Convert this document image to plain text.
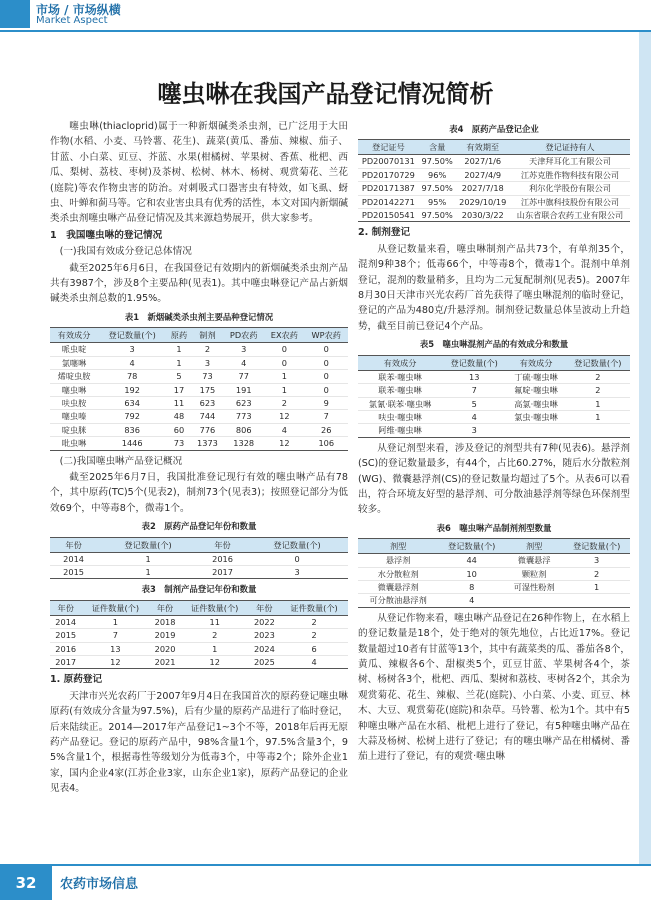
市场 / 市场纵横
Market Aspect
噻虫啉在我国产品登记情况简析

噻虫啉(thiacloprid)属于一种新烟碱类杀虫剂，已广泛用于大田作物(水稻、小麦、马铃薯、花生)、蔬菜(黄瓜、番茄、辣椒、茄子、甘蓝、小白菜、豇豆、芥蓝、水果(柑橘树、苹果树、香蕉、枇杷、西瓜、梨树、荔枝、枣树)及茶树、松树、林木、杨树、观赏菊花、兰花(庭院)等农作物虫害的防治。对刺吸式口器害虫有特效，如飞虱、蚜虫、叶蝉和蓟马等。它和农业害虫具有优秀的活性，本文对国内新烟碱类杀虫剂噻虫啉产品登记情况及其来源趋势展开，供大家参考。

1　我国噻虫啉的登记情况

(一)我国有效成分登记总体情况

截至2025年6月6日，在我国登记有效期内的新烟碱类杀虫剂产品共有3987个，涉及8个主要品种(见表1)。其中噻虫啉登记产品占新烟碱类杀虫剂总数的1.95%。

表1　新烟碱类杀虫剂主要品种登记情况
有效成分	登记数量(个)	原药	制剂	PD农药	EX农药	WP农药
哌虫啶	3	1	2	3	0	0
氯噻啉	4	1	3	4	0	0
烯啶虫胺	78	5	73	77	1	0
噻虫啉	192	17	175	191	1	0
呋虫胺	634	11	623	623	2	9
噻虫嗪	792	48	744	773	12	7
啶虫脒	836	60	776	806	4	26
吡虫啉	1446	73	1373	1328	12	106

(二)我国噻虫啉产品登记概况

截至2025年6月7日，我国批准登记现行有效的噻虫啉产品有78个，其中原药(TC)5个(见表2)，制剂73个(见表3)；按照登记部分为低效69个，中等毒8个，微毒1个。

表2　原药产品登记年份和数量
年份	登记数量(个)	年份	登记数量(个)
2014	1	2016	0
2015	1	2017	3
表3　制剂产品登记年份和数量
年份	证件数量(个)	年份	证件数量(个)	年份	证件数量(个)
2014	1	2018	11	2022	2
2015	7	2019	2	2023	2
2016	13	2020	1	2024	6
2017	12	2021	12	2025	4

1. 原药登记

天津市兴光农药厂于2007年9月4日在我国首次的原药登记噻虫啉原药(有效成分含量为97.5%)，后有少量的原药产品进行了临时登记，后来陆续正。2014—2017年产品登记1~3个不等，2018年后再无原药产品登记。登记的原药产品中，98%含量1个，97.5%含量3个，95%含量1个，根据毒性等级划分为低毒3个，中等毒2个；除外企业1家，国内企业4家(江苏企业3家，山东企业1家)，原药产品登记的企业见表4。

表4　原药产品登记企业
登记证号	含量	有效期至	登记证持有人
PD20070131	97.50%	2027/1/6	天津拜耳化工有限公司
PD20170729	96%	2027/4/9	江苏克胜作物科技有限公司
PD20171387	97.50%	2027/7/18	利尔化学股份有限公司
PD20142271	95%	2029/10/19	江苏中旗科技股份有限公司
PD20150541	97.50%	2030/3/22	山东省联合农药工业有限公司

2. 制剂登记

从登记数量来看，噻虫啉制剂产品共73个，有单剂35个，混剂9种38个；低毒66个，中等毒8个，微毒1个。混剂中单剂登记，混剂的数量稍多，且均为二元复配制剂(见表5)。2007年8月30日天津市兴光农药厂首先获得了噻虫啉混剂的临时登记，登记的产品为480克/升悬浮剂。制剂登记数量总体呈波动上升趋势，截至目前已登记4个产品。

表5　噻虫啉混剂产品的有效成分和数量
有效成分	登记数量(个)	有效成分	登记数量(个)
联苯·噻虫啉	13	丁硫·噻虫啉	2
联苯·噻虫啉	7	氟啶·噻虫啉	2
氯氰·联苯·噻虫啉	5	高氯·噻虫啉	1
呋虫·噻虫啉	4	氯虫·噻虫啉	1
阿维·噻虫啉	3		

从登记剂型来看，涉及登记的剂型共有7种(见表6)。悬浮剂(SC)的登记数量最多，有44个，占比60.27%，随后水分散粒剂(WG)、微囊悬浮剂(CS)的登记数量均超过了5个。从表6可以看出，符合环境友好型的悬浮剂、可分散油悬浮剂等绿色环保剂型较多。

表6　噻虫啉产品制剂剂型数量
剂型	登记数量(个)	剂型	登记数量(个)
悬浮剂	44	微囊悬浮	3
水分散粒剂	10	颗粒剂	2
微囊悬浮剂	8	可湿性粉剂	1
可分散油悬浮剂	4		

从登记作物来看，噻虫啉产品登记在26种作物上，在水稻上的登记数量是18个，处于绝对的领先地位，占比近17%。登记数量超过10者有甘蓝等13个，其中有蔬菜类的瓜、番茄各8个，黄瓜、辣椒各6个、甜椒类5个，豇豆甘蓝、苹果树各4个，茶树、杨树各3个，枇杷、西瓜、梨树和荔枝、枣树各2个，其余为观赏菊花、花生、辣椒、兰花(庭院)、小白菜、小麦、豇豆、林木、大豆、观赏菊花(庭院)和杂草。马铃薯、松为1个。其中有5种噻虫啉产品在水稻、枇杷上进行了登记，有5种噻虫啉产品在大蒜及杨树、松树上进行了登记；有的噻虫啉产品在柑橘树、番茄上进行了登记，有的观赏·噻虫啉

32	农药市场信息
